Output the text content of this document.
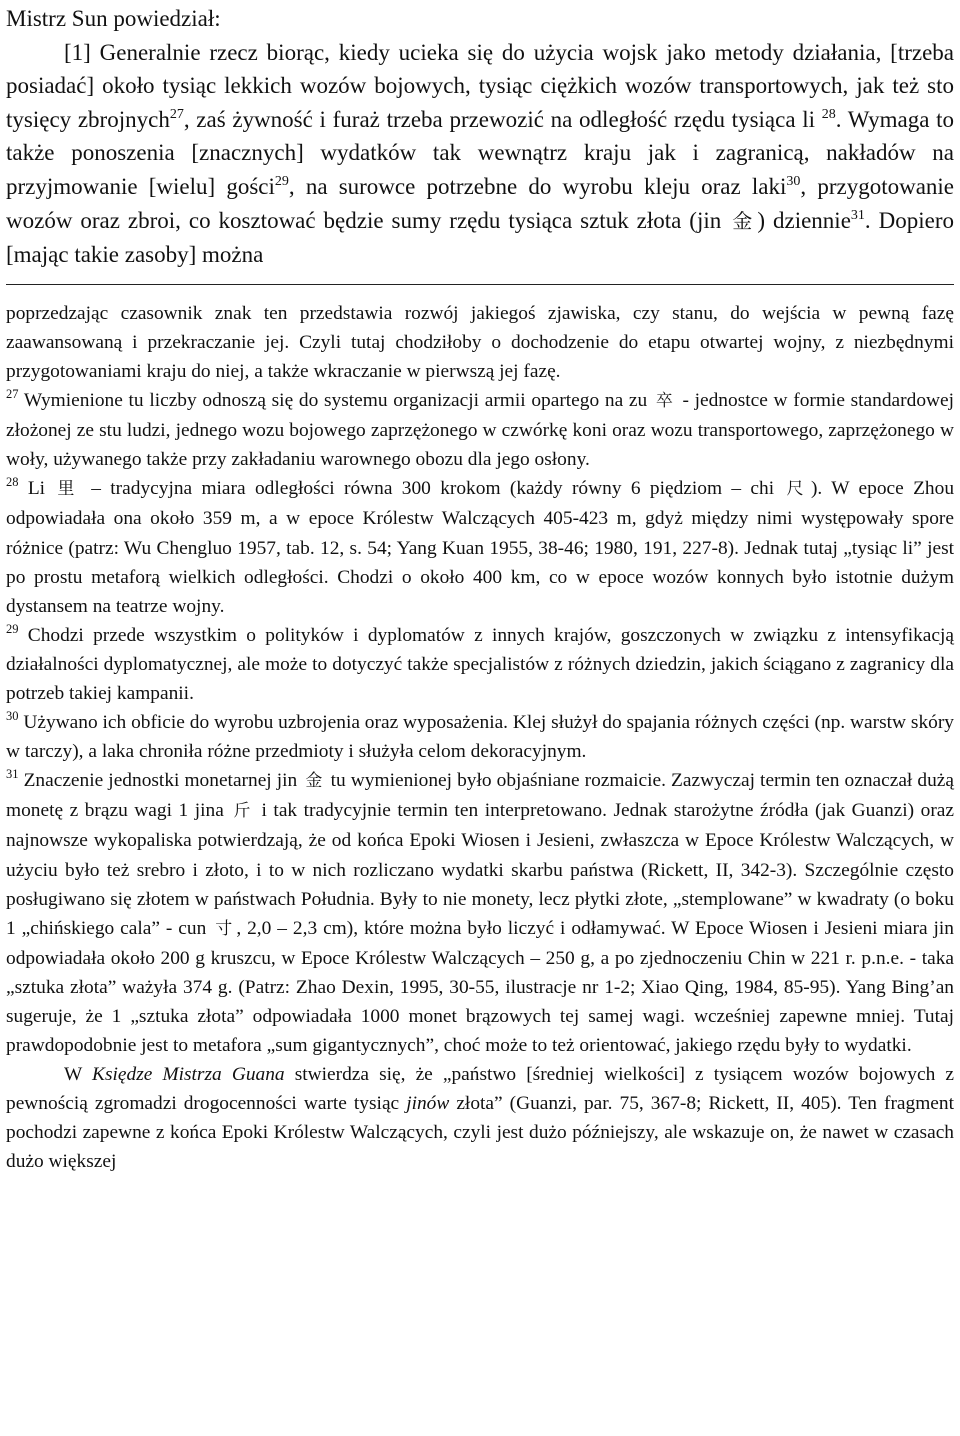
Mistrz Sun powiedział:

[1] Generalnie rzecz biorąc, kiedy ucieka się do użycia wojsk jako metody działania, [trzeba posiadać] około tysiąc lekkich wozów bojowych, tysiąc ciężkich wozów transportowych, jak też sto tysięcy zbrojnych$^{27}$, zaś żywność i furaż trzeba przewozić na odległość rzędu tysiąca li $^{28}$. Wymaga to także ponoszenia [znacznych] wydatków tak wewnątrz kraju jak i zagranicą, nakładów na przyjmowanie [wielu] gości$^{29}$, na surowce potrzebne do wyrobu kleju oraz laki$^{30}$, przygotowanie wozów oraz zbroi, co kosztować będzie sumy rzędu tysiąca sztuk złota (jin 金 ) dziennie$^{31}$. Dopiero [mając takie zasoby] można

poprzedzając czasownik znak ten przedstawia rozwój jakiegoś zjawiska, czy stanu, do wejścia w pewną fazę zaawansowaną i przekraczanie jej. Czyli tutaj chodziłoby o dochodzenie do etapu otwartej wojny, z niezbędnymi przygotowaniami kraju do niej, a także wkraczanie w pierwszą jej fazę.

$^{27}$ Wymienione tu liczby odnoszą się do systemu organizacji armii opartego na zu 卒 - jednostce w formie standardowej złożonej ze stu ludzi, jednego wozu bojowego zaprzężonego w czwórkę koni oraz wozu transportowego, zaprzężonego w woły, używanego także przy zakładaniu warownego obozu dla jego osłony.

$^{28}$ Li 里 – tradycyjna miara odległości równa 300 krokom (każdy równy 6 piędziom – chi 尺 ). W epoce Zhou odpowiadała ona około 359 m, a w epoce Królestw Walczących 405-423 m, gdyż między nimi występowały spore różnice (patrz: Wu Chengluo 1957, tab. 12, s. 54; Yang Kuan 1955, 38-46; 1980, 191, 227-8). Jednak tutaj „tysiąc li” jest po prostu metaforą wielkich odległości. Chodzi o około 400 km, co w epoce wozów konnych było istotnie dużym dystansem na teatrze wojny.

$^{29}$ Chodzi przede wszystkim o polityków i dyplomatów z innych krajów, goszczonych w związku z intensyfikacją działalności dyplomatycznej, ale może to dotyczyć także specjalistów z różnych dziedzin, jakich ściągano z zagranicy dla potrzeb takiej kampanii.

$^{30}$ Używano ich obficie do wyrobu uzbrojenia oraz wyposażenia. Klej służył do spajania różnych części (np. warstw skóry w tarczy), a laka chroniła różne przedmioty i służyła celom dekoracyjnym.

$^{31}$ Znaczenie jednostki monetarnej jin 金 tu wymienionej było objaśniane rozmaicie. Zazwyczaj termin ten oznaczał dużą monetę z brązu wagi 1 jina 斤 i tak tradycyjnie termin ten interpretowano. Jednak starożytne źródła (jak Guanzi) oraz najnowsze wykopaliska potwierdzają, że od końca Epoki Wiosen i Jesieni, zwłaszcza w Epoce Królestw Walczących, w użyciu było też srebro i złoto, i to w nich rozliczano wydatki skarbu państwa (Rickett, II, 342-3). Szczególnie często posługiwano się złotem w państwach Południa. Były to nie monety, lecz płytki złote, „stemplowane” w kwadraty (o boku 1 „chińskiego cala” - cun 寸 , 2,0 – 2,3 cm), które można było liczyć i odłamywać. W Epoce Wiosen i Jesieni miara jin odpowiadała około 200 g kruszcu, w Epoce Królestw Walczących – 250 g, a po zjednoczeniu Chin w 221 r. p.n.e. - taka „sztuka złota” ważyła 374 g. (Patrz: Zhao Dexin, 1995, 30-55, ilustracje nr 1-2; Xiao Qing, 1984, 85-95). Yang Bing’an sugeruje, że 1 „sztuka złota” odpowiadała 1000 monet brązowych tej samej wagi. wcześniej zapewne mniej. Tutaj prawdopodobnie jest to metafora „sum gigantycznych”, choć może to też orientować, jakiego rzędu były to wydatki.

W Księdze Mistrza Guana stwierdza się, że „państwo [średniej wielkości] z tysiącem wozów bojowych z pewnością zgromadzi drogocenności warte tysiąc jinów złota” (Guanzi, par. 75, 367-8; Rickett, II, 405). Ten fragment pochodzi zapewne z końca Epoki Królestw Walczących, czyli jest dużo późniejszy, ale wskazuje on, że nawet w czasach dużo większej
